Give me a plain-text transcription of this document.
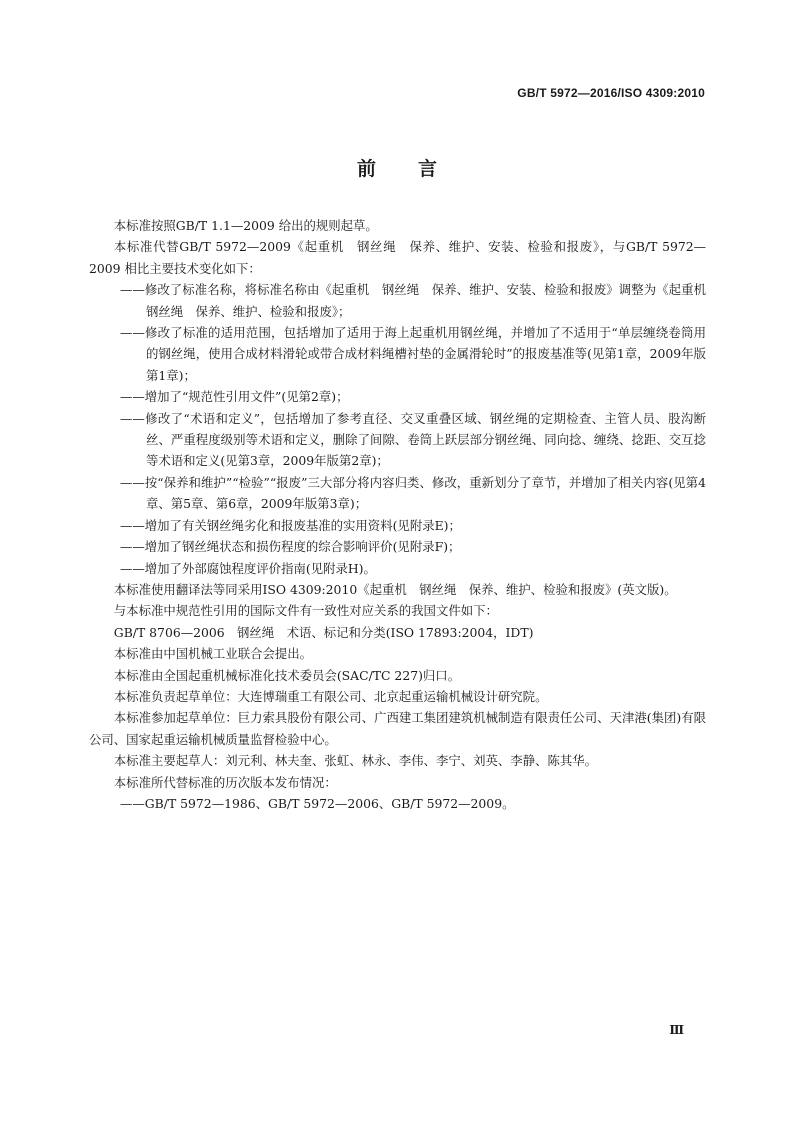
GB/T 5972—2016/ISO 4309:2010
前 言
本标准按照GB/T 1.1—2009 给出的规则起草。
本标准代替GB/T 5972—2009《起重机　钢丝绳　保养、维护、安装、检验和报废》，与GB/T 5972—2009 相比主要技术变化如下：
——修改了标准名称，将标准名称由《起重机　钢丝绳　保养、维护、安装、检验和报废》调整为《起重机　钢丝绳　保养、维护、检验和报废》；
——修改了标准的适用范围，包括增加了适用于海上起重机用钢丝绳，并增加了不适用于“单层缠绕卷筒用的钢丝绳，使用合成材料滑轮或带合成材料绳槽衬垫的金属滑轮时”的报废基准等(见第1章，2009年版第1章)；
——增加了“规范性引用文件”(见第2章)；
——修改了“术语和定义”，包括增加了参考直径、交叉重叠区域、钢丝绳的定期检查、主管人员、股沟断丝、严重程度级别等术语和定义，删除了间隙、卷筒上跃层部分钢丝绳、同向捻、缠绕、捻距、交互捻等术语和定义(见第3章，2009年版第2章)；
——按“保养和维护”“检验”“报废”三大部分将内容归类、修改，重新划分了章节，并增加了相关内容(见第4章、第5章、第6章，2009年版第3章)；
——增加了有关钢丝绳劣化和报废基准的实用资料(见附录E)；
——增加了钢丝绳状态和损伤程度的综合影响评价(见附录F)；
——增加了外部腐蚀程度评价指南(见附录H)。
本标准使用翻译法等同采用ISO 4309:2010《起重机　钢丝绳　保养、维护、检验和报废》(英文版)。
与本标准中规范性引用的国际文件有一致性对应关系的我国文件如下：
GB/T 8706—2006　钢丝绳　术语、标记和分类(ISO 17893:2004，IDT)
本标准由中国机械工业联合会提出。
本标准由全国起重机械标准化技术委员会(SAC/TC 227)归口。
本标准负责起草单位：大连博瑞重工有限公司、北京起重运输机械设计研究院。
本标准参加起草单位：巨力索具股份有限公司、广西建工集团建筑机械制造有限责任公司、天津港(集团)有限公司、国家起重运输机械质量监督检验中心。
本标准主要起草人：刘元利、林夫奎、张虹、林永、李伟、李宁、刘英、李静、陈其华。
本标准所代替标准的历次版本发布情况：
——GB/T 5972—1986、GB/T 5972—2006、GB/T 5972—2009。
Ⅲ
